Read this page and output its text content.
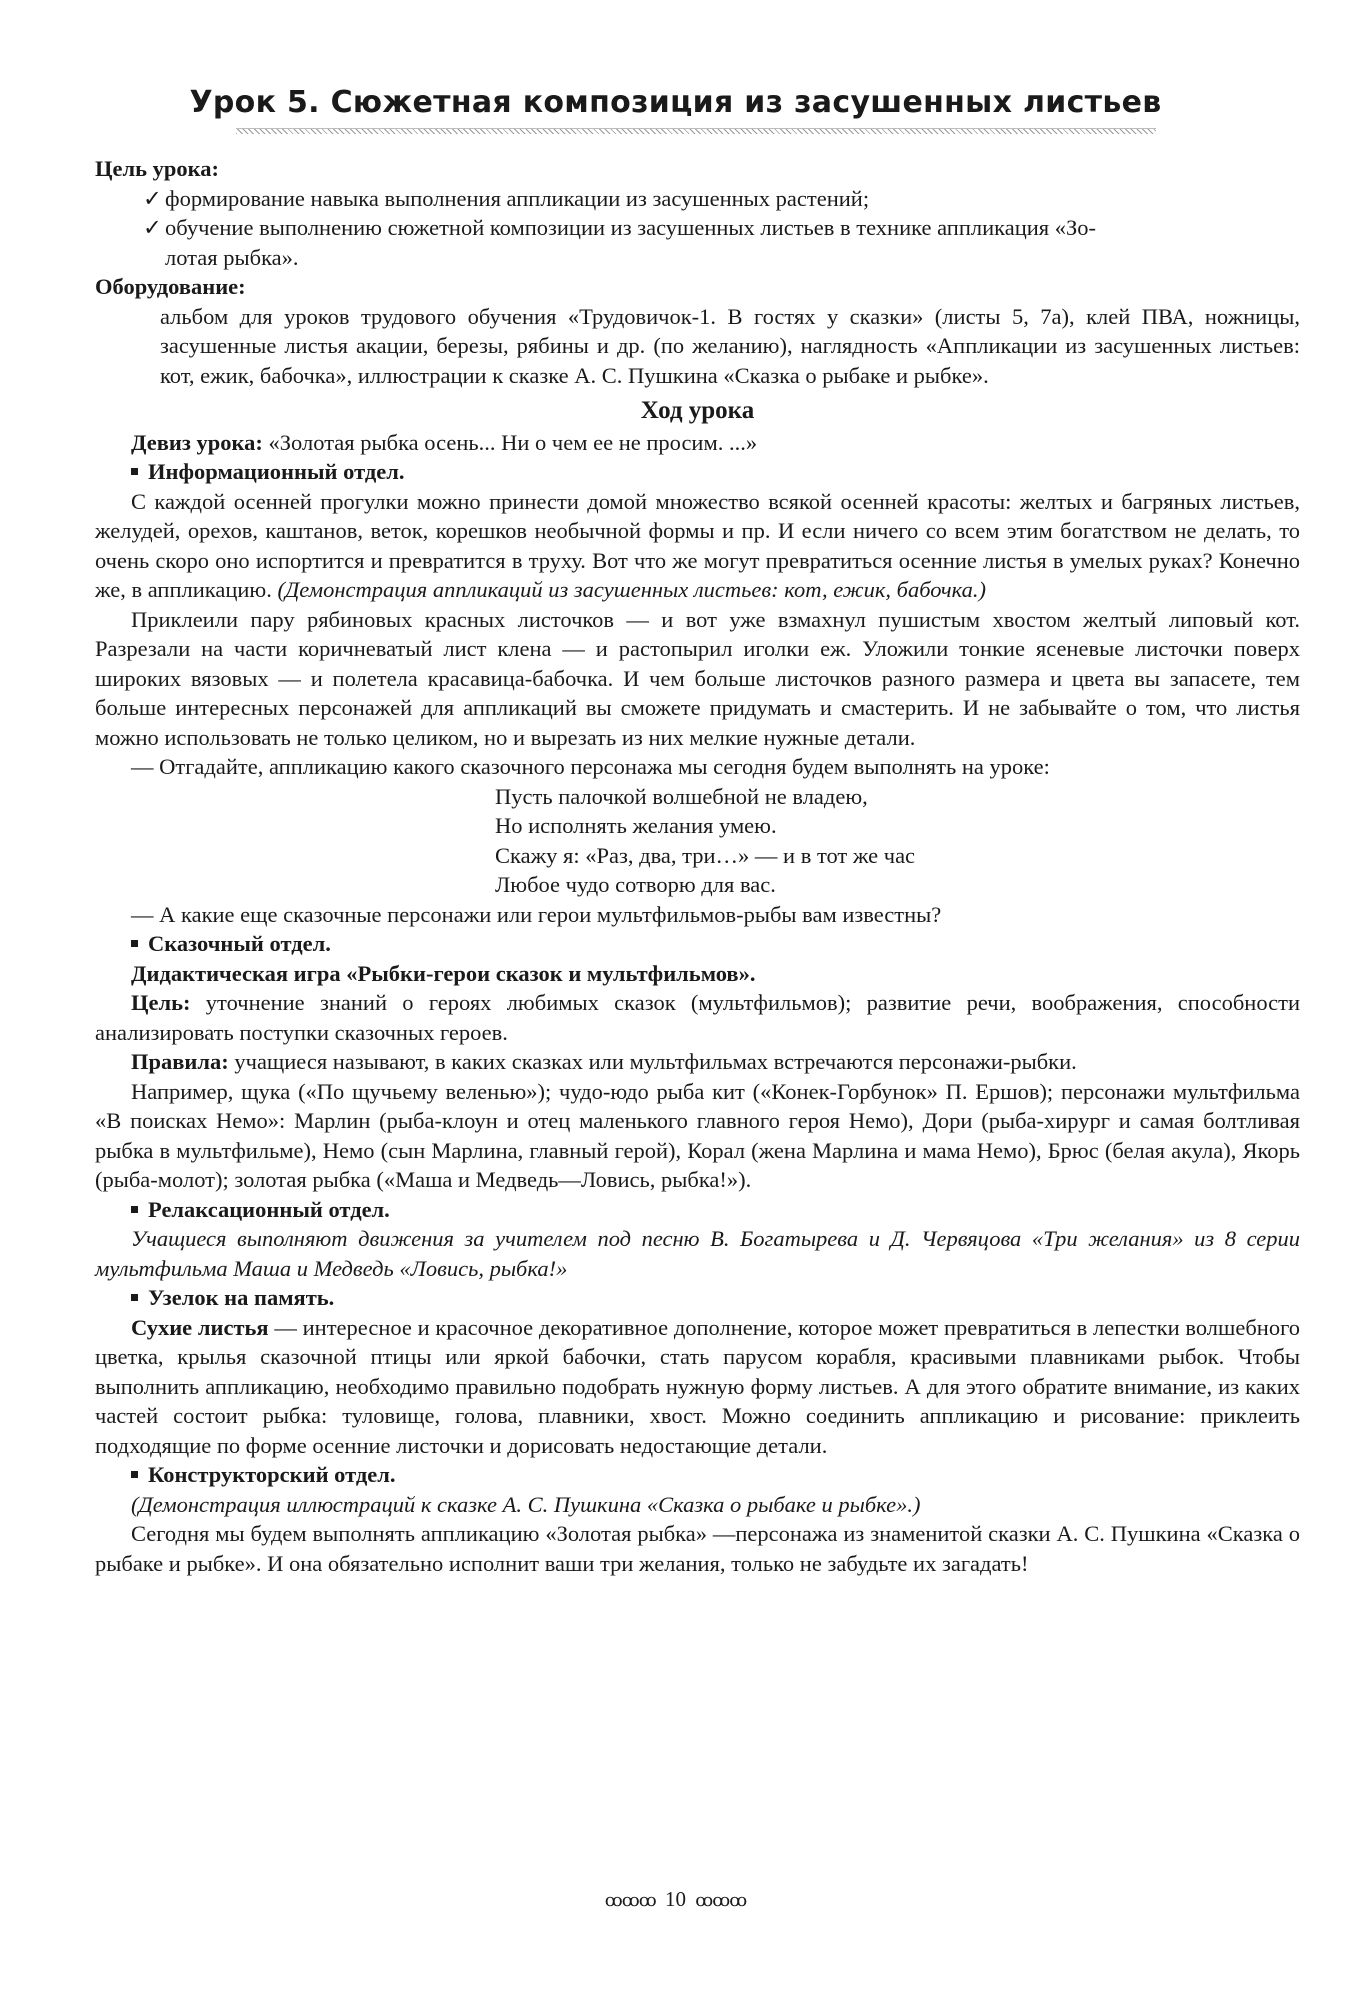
Урок 5. Сюжетная композиция из засушенных листьев

Цель урока:

✓ формирование навыка выполнения аппликации из засушенных растений;

✓ обучение выполнению сюжетной композиции из засушенных листьев в технике аппликация «Зо-

лотая рыбка».

Оборудование:

альбом для уроков трудового обучения «Трудовичок-1. В гостях у сказки» (листы 5, 7а), клей ПВА, ножницы, засушенные листья акации, березы, рябины и др. (по желанию), наглядность «Аппликации из засушенных листьев: кот, ежик, бабочка», иллюстрации к сказке А. С. Пушкина «Сказка о рыбаке и рыбке».

Ход урока

Девиз урока: «Золотая рыбка осень... Ни о чем ее не просим. ...»

Информационный отдел.

С каждой осенней прогулки можно принести домой множество всякой осенней красоты: желтых и багряных листьев, желудей, орехов, каштанов, веток, корешков необычной формы и пр. И если ничего со всем этим богатством не делать, то очень скоро оно испортится и превратится в труху. Вот что же могут превратиться осенние листья в умелых руках? Конечно же, в аппликацию. (Демонстрация аппликаций из засушенных листьев: кот, ежик, бабочка.)

Приклеили пару рябиновых красных листочков — и вот уже взмахнул пушистым хвостом желтый липовый кот. Разрезали на части коричневатый лист клена — и растопырил иголки еж. Уложили тонкие ясеневые листочки поверх широких вязовых — и полетела красавица-бабочка. И чем больше листочков разного размера и цвета вы запасете, тем больше интересных персонажей для аппликаций вы сможете придумать и смастерить. И не забывайте о том, что листья можно использовать не только целиком, но и вырезать из них мелкие нужные детали.

— Отгадайте, аппликацию какого сказочного персонажа мы сегодня будем выполнять на уроке:

Пусть палочкой волшебной не владею,

Но исполнять желания умею.

Скажу я: «Раз, два, три…» — и в тот же час

Любое чудо сотворю для вас.

— А какие еще сказочные персонажи или герои мультфильмов-рыбы вам известны?

Сказочный отдел.

Дидактическая игра «Рыбки-герои сказок и мультфильмов».

Цель: уточнение знаний о героях любимых сказок (мультфильмов); развитие речи, воображения, способности анализировать поступки сказочных героев.

Правила: учащиеся называют, в каких сказках или мультфильмах встречаются персонажи-рыбки.

Например, щука («По щучьему веленью»); чудо-юдо рыба кит («Конек-Горбунок» П. Ершов); персонажи мультфильма «В поисках Немо»: Марлин (рыба-клоун и отец маленького главного героя Немо), Дори (рыба-хирург и самая болтливая рыбка в мультфильме), Немо (сын Марлина, главный герой), Корал (жена Марлина и мама Немо), Брюс (белая акула), Якорь (рыба-молот); золотая рыбка («Маша и Медведь—Ловись, рыбка!»).

Релаксационный отдел.

Учащиеся выполняют движения за учителем под песню В. Богатырева и Д. Червяцова «Три желания» из 8 серии мультфильма Маша и Медведь «Ловись, рыбка!»

Узелок на память.

Сухие листья — интересное и красочное декоративное дополнение, которое может превратиться в лепестки волшебного цветка, крылья сказочной птицы или яркой бабочки, стать парусом корабля, красивыми плавниками рыбок. Чтобы выполнить аппликацию, необходимо правильно подобрать нужную форму листьев. А для этого обратите внимание, из каких частей состоит рыбка: туловище, голова, плавники, хвост. Можно соединить аппликацию и рисование: приклеить подходящие по форме осенние листочки и дорисовать недостающие детали.

Конструкторский отдел.

(Демонстрация иллюстраций к сказке А. С. Пушкина «Сказка о рыбаке и рыбке».)

Сегодня мы будем выполнять аппликацию «Золотая рыбка» —персонажа из знаменитой сказки А. С. Пушкина «Сказка о рыбаке и рыбке». И она обязательно исполнит ваши три желания, только не забудьте их загадать!

ꝏꝏꝏ 10 ꝏꝏꝏ
